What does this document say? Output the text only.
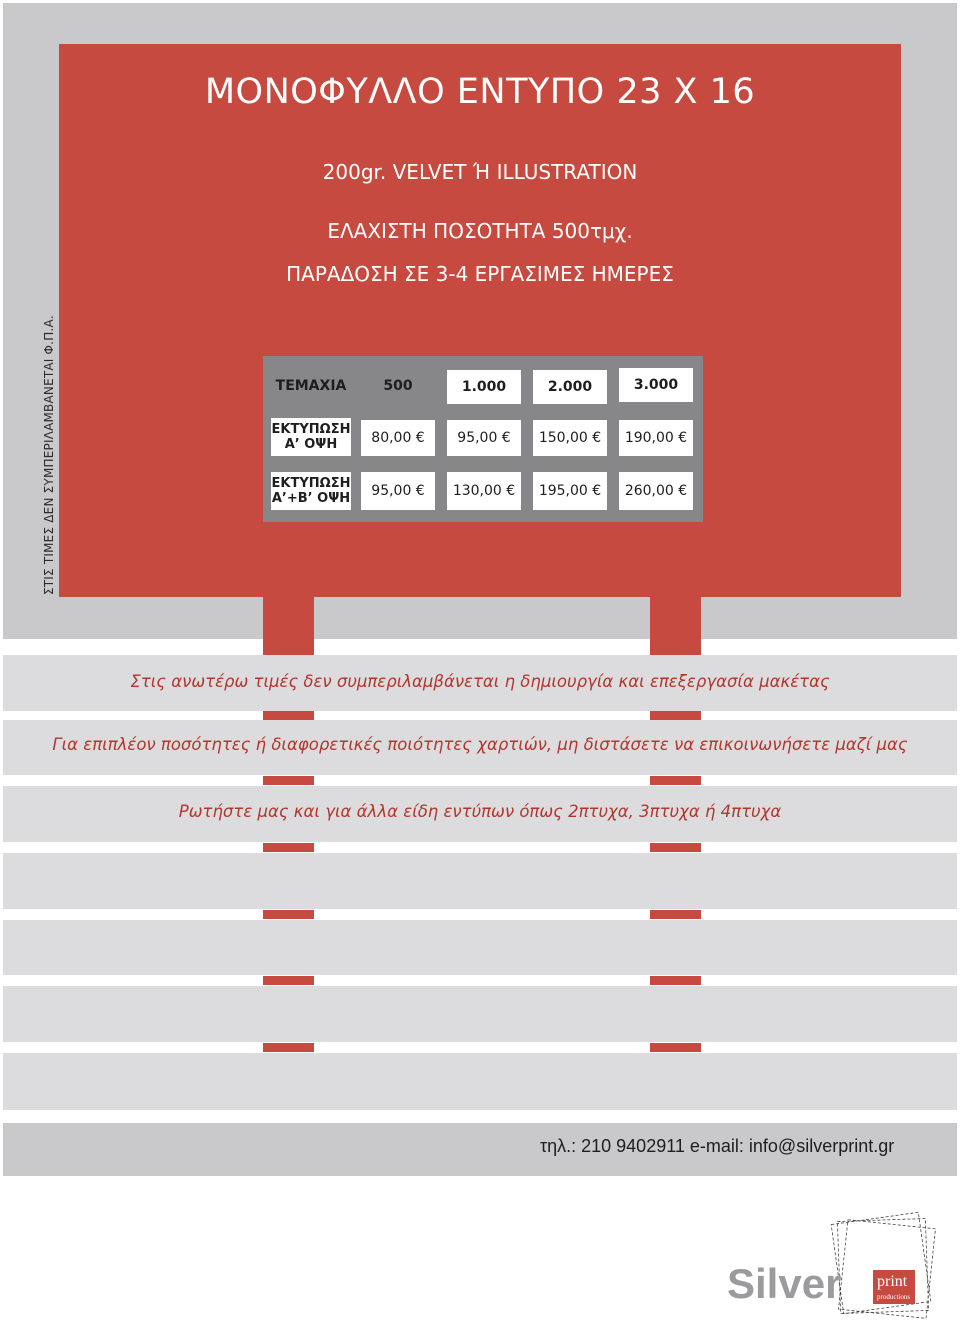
ΣΤΙΣ ΤΙΜΕΣ ΔΕΝ ΣΥΜΠΕΡΙΛΑΜΒΑΝΕΤΑΙ Φ.Π.Α.
ΜΟΝΟΦΥΛΛΟ ΕΝΤΥΠΟ 23 Χ 16
200gr. VELVET Ή ILLUSTRATION
ΕΛΑΧΙΣΤΗ ΠΟΣΟΤΗΤΑ 500τμχ.
ΠΑΡΑΔΟΣΗ ΣΕ 3-4 ΕΡΓΑΣΙΜΕΣ ΗΜΕΡΕΣ
ΤΕΜΑΧΙΑ	500	1.000	2.000	3.000
ΕΚΤΥΠΩΣΗ
Α’ ΟΨΗ	80,00 €	95,00 €	150,00 €	190,00 €
ΕΚΤΥΠΩΣΗ
Α’+Β’ ΟΨΗ	95,00 €	130,00 €	195,00 €	260,00 €
Στις ανωτέρω τιμές δεν συμπεριλαμβάνεται η δημιουργία και επεξεργασία μακέτας
Για επιπλέον ποσότητες ή διαφορετικές ποιότητες χαρτιών, μη διστάσετε να επικοινωνήσετε μαζί μας
Ρωτήστε μας και για άλλα είδη εντύπων όπως 2πτυχα, 3πτυχα ή 4πτυχα
τηλ.: 210 9402911 e-mail: info@silverprint.gr
Silver print
productions
